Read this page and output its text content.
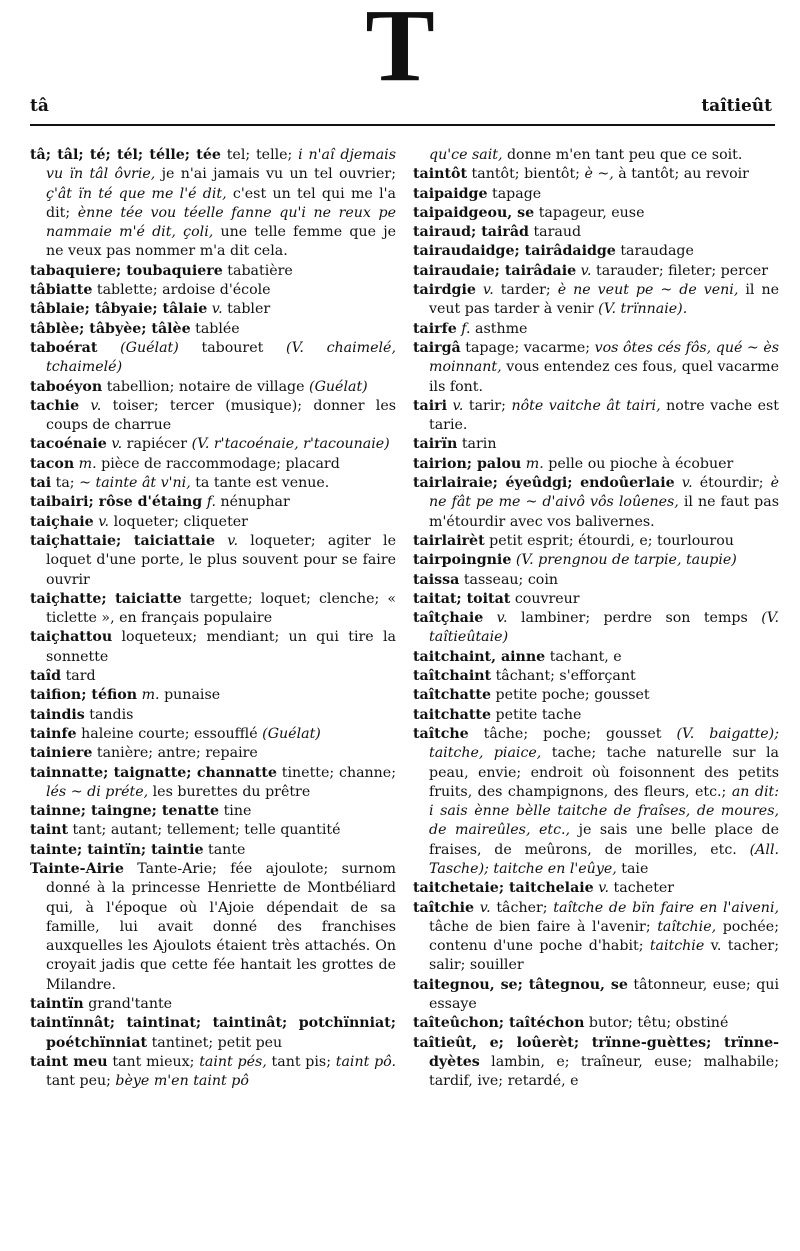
T
tâ	taîtieût

tâ; tâl; té; tél; télle; tée tel; telle; i n'aî djemais vu ïn tâl ôvrie, je n'ai jamais vu un tel ouvrier; ç'ât ïn té que me l'é dit, c'est un tel qui me l'a dit; ènne tée vou téelle fanne qu'i ne reux pe nammaie m'é dit, çoli, une telle femme que je ne veux pas nommer m'a dit cela.

tabaquiere; toubaquiere tabatière

tâbiatte tablette; ardoise d'école

tâblaie; tâbyaie; tâlaie v. tabler

tâblèe; tâbyèe; tâlèe tablée

taboérat (Guélat) tabouret (V. chaimelé, tchaimelé)

taboéyon tabellion; notaire de village (Guélat)

tachie v. toiser; tercer (musique); donner les coups de charrue

tacoénaie v. rapiécer (V. r'tacoénaie, r'tacounaie)

tacon m. pièce de raccommodage; placard

tai ta; ~ tainte ât v'ni, ta tante est venue.

taibairi; rôse d'étaing f. nénuphar

taiçhaie v. loqueter; cliqueter

taiçhattaie; taiciattaie v. loqueter; agiter le loquet d'une porte, le plus souvent pour se faire ouvrir

taiçhatte; taiciatte targette; loquet; clenche; « ticlette », en français populaire

taiçhattou loqueteux; mendiant; un qui tire la sonnette

taîd tard

taifion; téfion m. punaise

taindis tandis

tainfe haleine courte; essoufflé (Guélat)

tainiere tanière; antre; repaire

tainnatte; taignatte; channatte tinette; channe; lés ~ di préte, les burettes du prêtre

tainne; taingne; tenatte tine

taint tant; autant; tellement; telle quantité

tainte; taintïn; taintie tante

Tainte-Airie Tante-Arie; fée ajoulote; surnom donné à la princesse Henriette de Montbéliard qui, à l'époque où l'Ajoie dépendait de sa famille, lui avait donné des franchises auxquelles les Ajoulots étaient très attachés. On croyait jadis que cette fée hantait les grottes de Milandre.

taintïn grand'tante

taintïnnât; taintinat; taintinât; potchïnniat; poétchïnniat tantinet; petit peu

taint meu tant mieux; taint pés, tant pis; taint pô. tant peu; bèye m'en taint pô

qu'ce sait, donne m'en tant peu que ce soit.

taintôt tantôt; bientôt; è ~, à tantôt; au revoir

taipaidge tapage

taipaidgeou, se tapageur, euse

tairaud; tairâd taraud

tairaudaidge; tairâdaidge taraudage

tairaudaie; tairâdaie v. tarauder; fileter; percer

tairdgie v. tarder; è ne veut pe ~ de veni, il ne veut pas tarder à venir (V. trïnnaie).

tairfe f. asthme

tairgâ tapage; vacarme; vos ôtes cés fôs, qué ~ ès moinnant, vous entendez ces fous, quel vacarme ils font.

tairi v. tarir; nôte vaitche ât tairi, notre vache est tarie.

tairïn tarin

tairion; palou m. pelle ou pioche à écobuer

tairlairaie; éyeûdgi; endoûerlaie v. étourdir; è ne fât pe me ~ d'aivô vôs loûenes, il ne faut pas m'étourdir avec vos balivernes.

tairlairèt petit esprit; étourdi, e; tourlourou

tairpoingnie (V. prengnou de tarpie, taupie)

taissa tasseau; coin

taitat; toitat couvreur

taîtçhaie v. lambiner; perdre son temps (V. taîtieûtaie)

taitchaint, ainne tachant, e

taîtchaint tâchant; s'efforçant

taîtchatte petite poche; gousset

taitchatte petite tache

taîtche tâche; poche; gousset (V. baigatte); taitche, piaice, tache; tache naturelle sur la peau, envie; endroit où foisonnent des petits fruits, des champignons, des fleurs, etc.; an dit: i sais ènne bèlle taitche de fraîses, de moures, de maireûles, etc., je sais une belle place de fraises, de meûrons, de morilles, etc. (All. Tasche); taitche en l'eûye, taie

taitchetaie; taitchelaie v. tacheter

taîtchie v. tâcher; taîtche de bïn faire en l'aiveni, tâche de bien faire à l'avenir; taîtchie, pochée; contenu d'une poche d'habit; taitchie v. tacher; salir; souiller

taitegnou, se; tâtegnou, se tâtonneur, euse; qui essaye

taîteûchon; taîtéchon butor; têtu; obstiné

taîtieût, e; loûerèt; trïnne-guèttes; trïnne-dyètes lambin, e; traîneur, euse; malhabile; tardif, ive; retardé, e
